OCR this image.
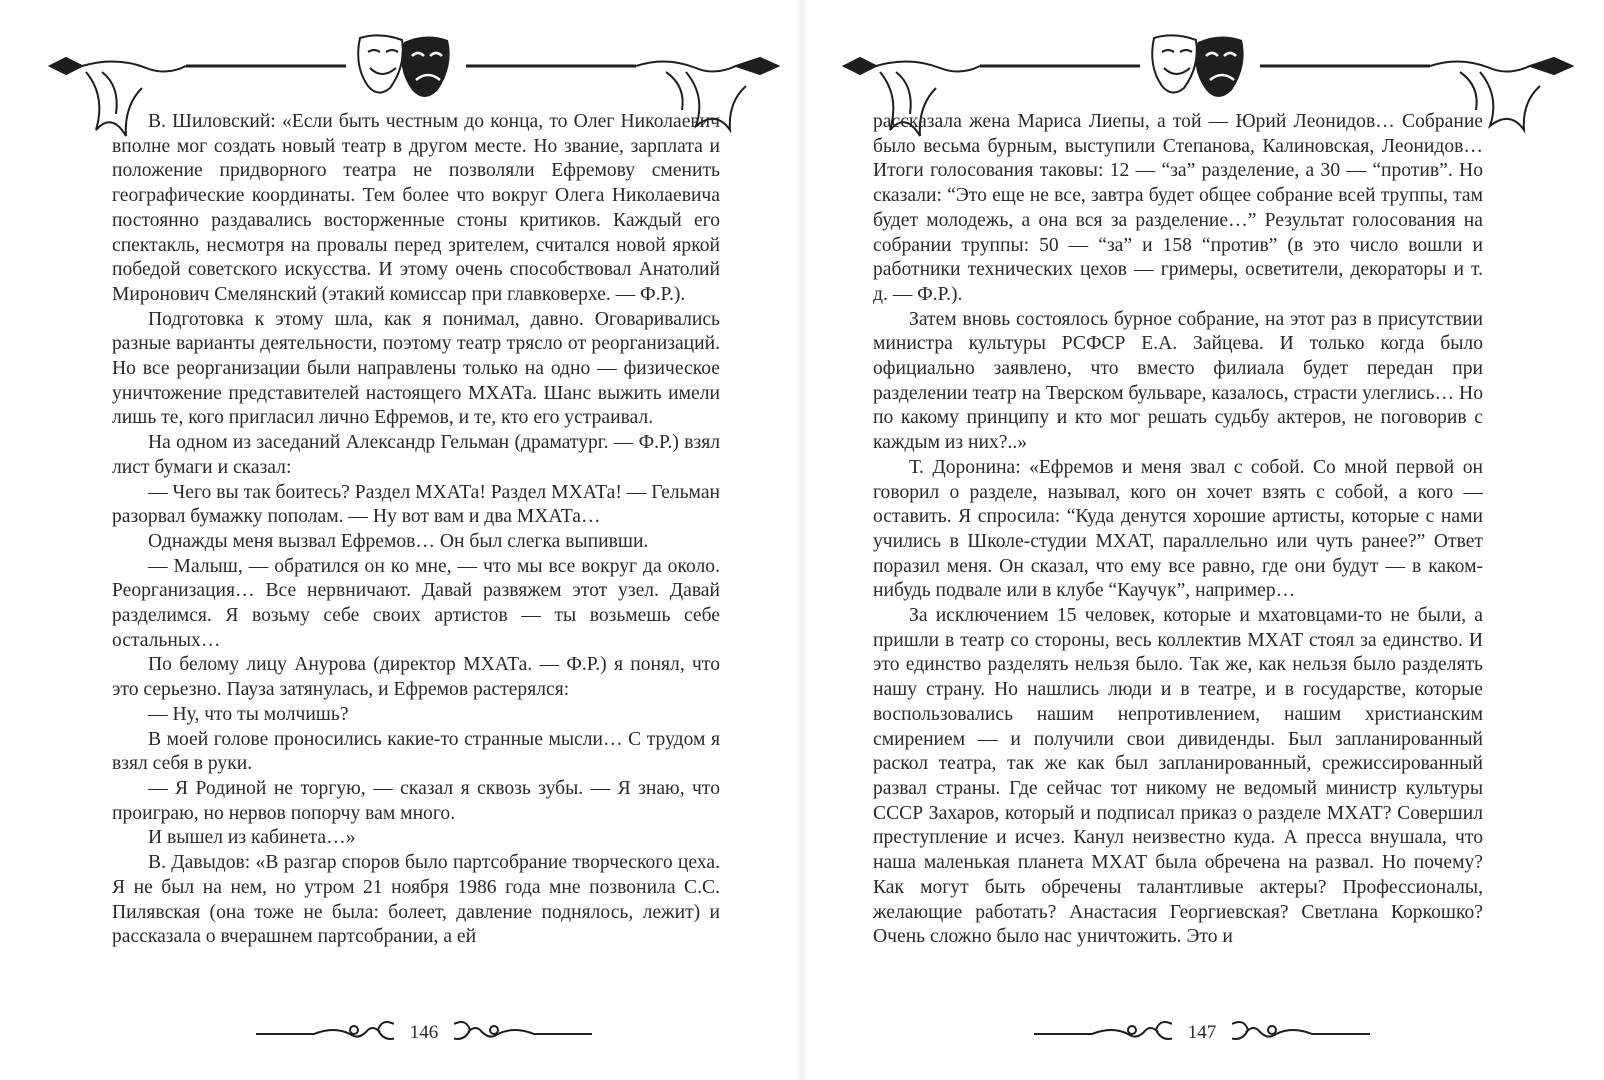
В. Шиловский: «Если быть честным до конца, то Олег Николаевич вполне мог создать новый театр в другом месте. Но звание, зарплата и положение придворного театра не позволяли Ефремову сменить географические координаты. Тем более что вокруг Олега Николаевича постоянно раздавались восторженные стоны критиков. Каждый его спектакль, несмотря на провалы перед зрителем, считался новой яркой победой советского искусства. И этому очень способствовал Анатолий Миронович Смелянский (этакий комиссар при главковерхе. — Ф.Р.).

Подготовка к этому шла, как я понимал, давно. Оговаривались разные варианты деятельности, поэтому театр трясло от реорганизаций. Но все реорганизации были направлены только на одно — физическое уничтожение представителей настоящего МХАТа. Шанс выжить имели лишь те, кого пригласил лично Ефремов, и те, кто его устраивал.

На одном из заседаний Александр Гельман (драматург. — Ф.Р.) взял лист бумаги и сказал:

— Чего вы так боитесь? Раздел МХАТа! Раздел МХАТа! — Гельман разорвал бумажку пополам. — Ну вот вам и два МХАТа…

Однажды меня вызвал Ефремов… Он был слегка выпивши.

— Малыш, — обратился он ко мне, — что мы все вокруг да около. Реорганизация… Все нервничают. Давай развяжем этот узел. Давай разделимся. Я возьму себе своих артистов — ты возьмешь себе остальных…

По белому лицу Анурова (директор МХАТа. — Ф.Р.) я понял, что это серьезно. Пауза затянулась, и Ефремов растерялся:

— Ну, что ты молчишь?

В моей голове проносились какие-то странные мысли… С трудом я взял себя в руки.

— Я Родиной не торгую, — сказал я сквозь зубы. — Я знаю, что проиграю, но нервов попорчу вам много.

И вышел из кабинета…»

В. Давыдов: «В разгар споров было партсобрание творческого цеха. Я не был на нем, но утром 21 ноября 1986 года мне позвонила С.С. Пилявская (она тоже не была: болеет, давление поднялось, лежит) и рассказала о вчерашнем партсобрании, а ей

146

рассказала жена Мариса Лиепы, а той — Юрий Леонидов… Собрание было весьма бурным, выступили Степанова, Калиновская, Леонидов… Итоги голосования таковы: 12 — “за” разделение, а 30 — “против”. Но сказали: “Это еще не все, завтра будет общее собрание всей труппы, там будет молодежь, а она вся за разделение…” Результат голосования на собрании труппы: 50 — “за” и 158 “против” (в это число вошли и работники технических цехов — гримеры, осветители, декораторы и т. д. — Ф.Р.).

Затем вновь состоялось бурное собрание, на этот раз в присутствии министра культуры РСФСР Е.А. Зайцева. И только когда было официально заявлено, что вместо филиала будет передан при разделении театр на Тверском бульваре, казалось, страсти улеглись… Но по какому принципу и кто мог решать судьбу актеров, не поговорив с каждым из них?..»

Т. Доронина: «Ефремов и меня звал с собой. Со мной первой он говорил о разделе, называл, кого он хочет взять с собой, а кого — оставить. Я спросила: “Куда денутся хорошие артисты, которые с нами учились в Школе-студии МХАТ, параллельно или чуть ранее?” Ответ поразил меня. Он сказал, что ему все равно, где они будут — в каком-нибудь подвале или в клубе “Каучук”, например…

За исключением 15 человек, которые и мхатовцами-то не были, а пришли в театр со стороны, весь коллектив МХАТ стоял за единство. И это единство разделять нельзя было. Так же, как нельзя было разделять нашу страну. Но нашлись люди и в театре, и в государстве, которые воспользовались нашим непротивлением, нашим христианским смирением — и получили свои дивиденды. Был запланированный раскол театра, так же как был запланированный, срежиссированный развал страны. Где сейчас тот никому не ведомый министр культуры СССР Захаров, который и подписал приказ о разделе МХАТ? Совершил преступление и исчез. Канул неизвестно куда. А пресса внушала, что наша маленькая планета МХАТ была обречена на развал. Но почему? Как могут быть обречены талантливые актеры? Профессионалы, желающие работать? Анастасия Георгиевская? Светлана Коркошко? Очень сложно было нас уничтожить. Это и

147
